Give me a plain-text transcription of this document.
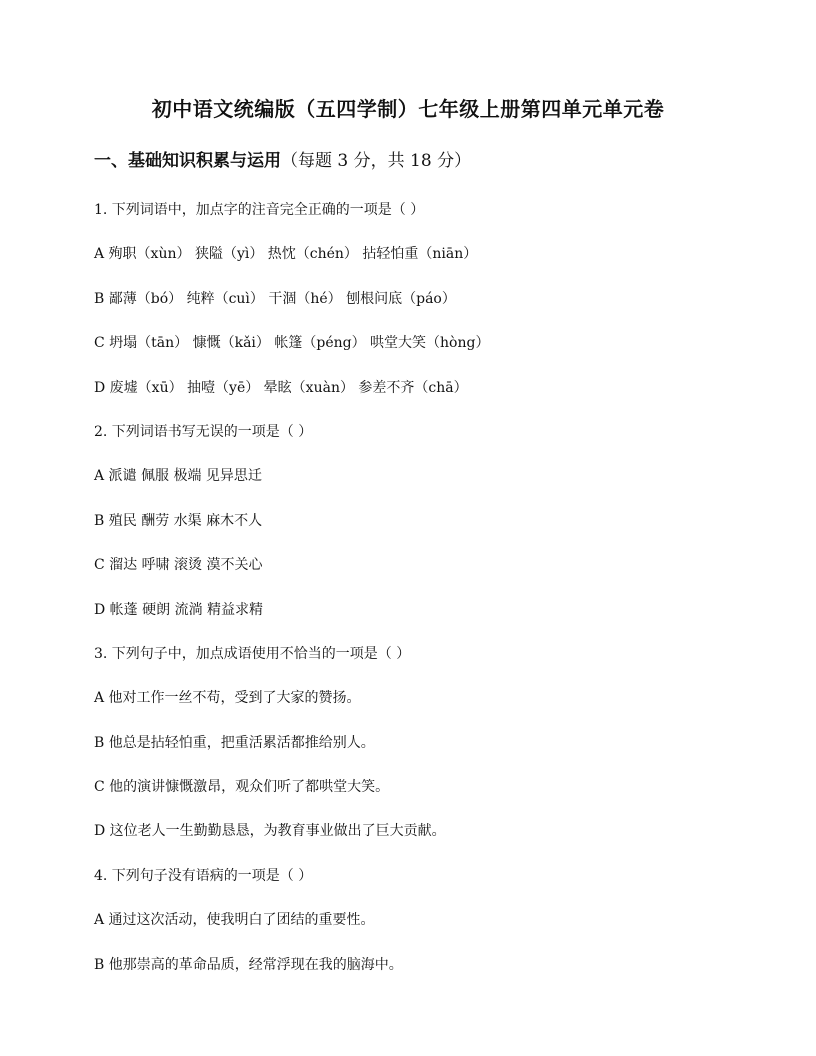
初中语文统编版（五四学制）七年级上册第四单元单元卷
一、基础知识积累与运用（每题 3 分，共 18 分）
1. 下列词语中，加点字的注音完全正确的一项是（ ）
A 殉职（xùn） 狭隘（yì） 热忱（chén） 拈轻怕重（niān）
B 鄙薄（bó） 纯粹（cuì） 干涸（hé） 刨根问底（páo）
C 坍塌（tān） 慷慨（kǎi） 帐篷（péng） 哄堂大笑（hòng）
D 废墟（xū） 抽噎（yē） 晕眩（xuàn） 参差不齐（chā）
2. 下列词语书写无误的一项是（ ）
A 派谴 佩服 极端 见异思迁
B 殖民 酬劳 水渠 麻木不人
C 溜达 呼啸 滚烫 漠不关心
D 帐蓬 硬朗 流淌 精益求精
3. 下列句子中，加点成语使用不恰当的一项是（ ）
A 他对工作一丝不苟，受到了大家的赞扬。
B 他总是拈轻怕重，把重活累活都推给别人。
C 他的演讲慷慨激昂，观众们听了都哄堂大笑。
D 这位老人一生勤勤恳恳，为教育事业做出了巨大贡献。
4. 下列句子没有语病的一项是（ ）
A 通过这次活动，使我明白了团结的重要性。
B 他那崇高的革命品质，经常浮现在我的脑海中。
